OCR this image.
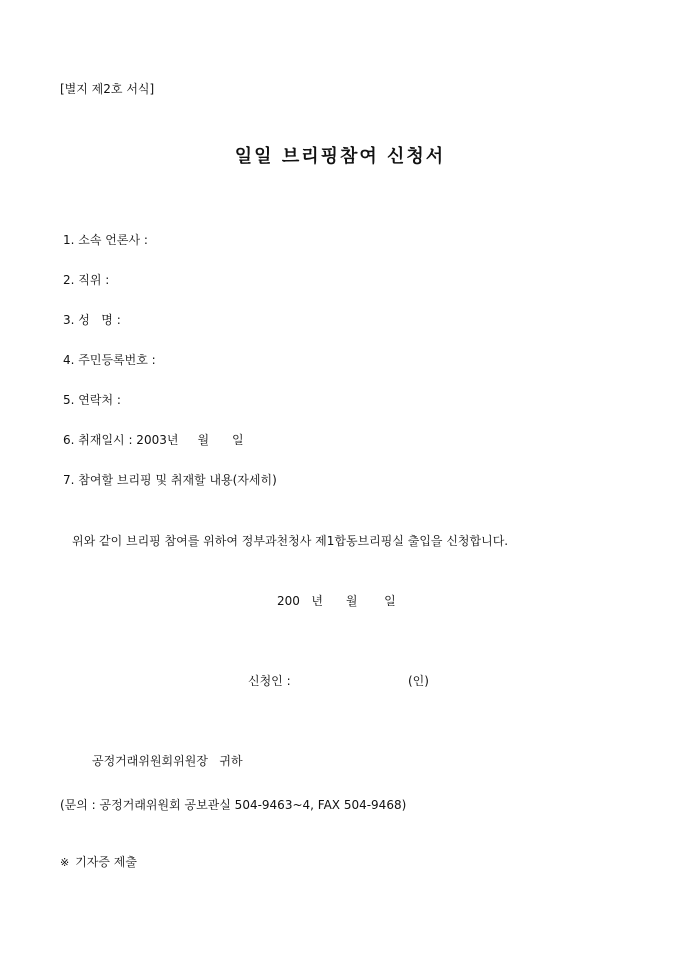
[별지 제2호 서식]
일일 브리핑참여 신청서
1. 소속 언론사 :
2. 직위 :
3. 성   명 :
4. 주민등록번호 :
5. 연락처 :
6. 취재일시 : 2003년     월      일
7. 참여할 브리핑 및 취재할 내용(자세히)
위와 같이 브리핑 참여를 위하여 정부과천청사 제1합동브리핑실 출입을 신청합니다.
200   년      월       일
신청인 :	(인)
공정거래위원회위원장   귀하
(문의 : 공정거래위원회 공보관실 504-9463~4, FAX 504-9468)
※ 기자증 제출
